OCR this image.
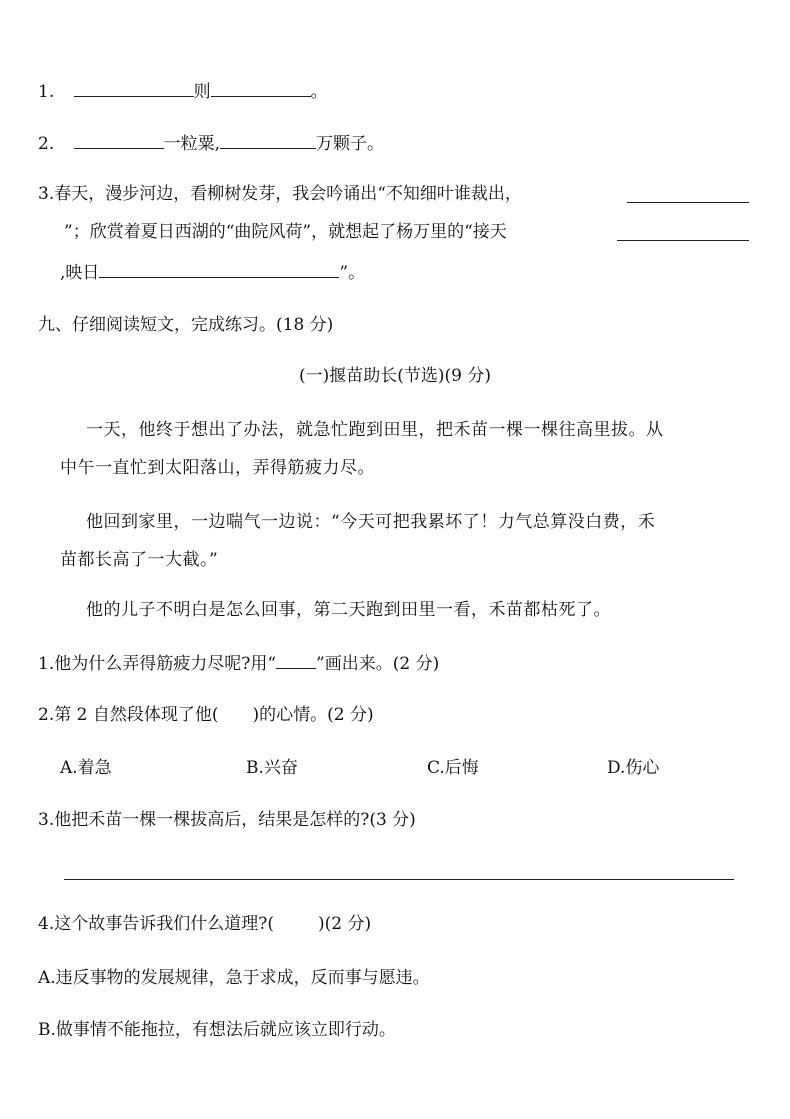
1.	则	。
2.	一粒粟,	万颗子。
3.春天，漫步河边，看柳树发芽，我会吟诵出“不知细叶谁裁出，
”；欣赏着夏日西湖的“曲院风荷”，就想起了杨万里的“接天
,映日	”。
九、仔细阅读短文，完成练习。(18 分)
(一)揠苗助长(节选)(9 分)
一天，他终于想出了办法，就急忙跑到田里，把禾苗一棵一棵往高里拔。从
中午一直忙到太阳落山，弄得筋疲力尽。
他回到家里，一边喘气一边说：“今天可把我累坏了！力气总算没白费，禾
苗都长高了一大截。”
他的儿子不明白是怎么回事，第二天跑到田里一看，禾苗都枯死了。
1.他为什么弄得筋疲力尽呢?用“ ”画出来。(2 分)
2.第 2 自然段体现了他( )的心情。(2 分)
A.着急	B.兴奋	C.后悔	D.伤心
3.他把禾苗一棵一棵拔高后，结果是怎样的?(3 分)
4.这个故事告诉我们什么道理?(	)(2 分)
A.违反事物的发展规律，急于求成，反而事与愿违。
B.做事情不能拖拉，有想法后就应该立即行动。
